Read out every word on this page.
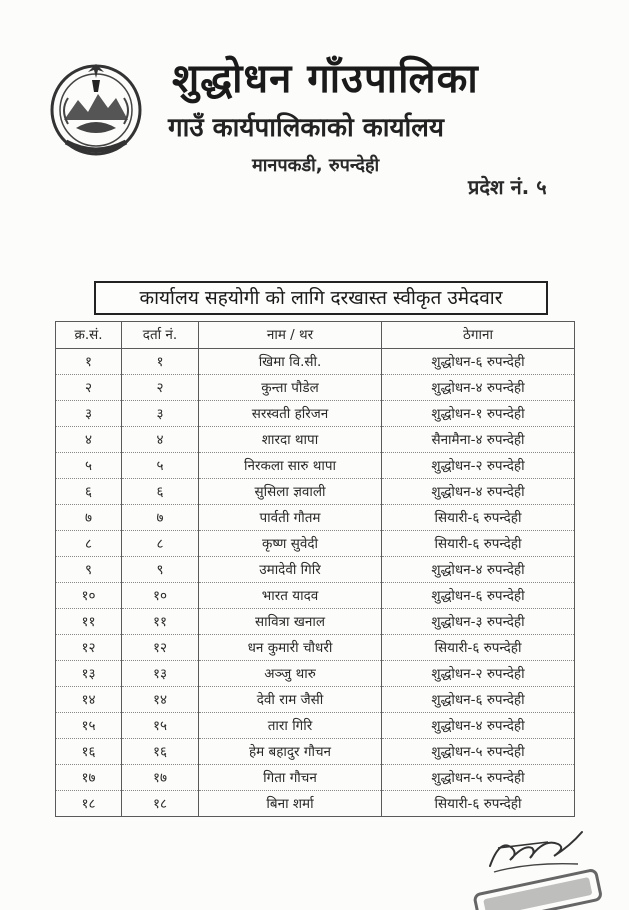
शुद्धोधन गाँउपालिका
गाउँ कार्यपालिकाको कार्यालय
मानपकडी, रुपन्देही
प्रदेश नं. ५
कार्यालय सहयोगी को लागि दरखास्त स्वीकृत उमेदवार
क्र.सं.	दर्ता नं.	नाम / थर	ठेगाना
१	१	खिमा वि.सी.	शुद्धोधन-६ रुपन्देही
२	२	कुन्ता पौडेल	शुद्धोधन-४ रुपन्देही
३	३	सरस्वती हरिजन	शुद्धोधन-१ रुपन्देही
४	४	शारदा थापा	सैनामैना-४ रुपन्देही
५	५	निरकला सारु थापा	शुद्धोधन-२ रुपन्देही
६	६	सुसिला ज्ञवाली	शुद्धोधन-४ रुपन्देही
७	७	पार्वती गौतम	सियारी-६ रुपन्देही
८	८	कृष्ण सुवेदी	सियारी-६ रुपन्देही
९	९	उमादेवी गिरि	शुद्धोधन-४ रुपन्देही
१०	१०	भारत यादव	शुद्धोधन-६ रुपन्देही
११	११	सावित्रा खनाल	शुद्धोधन-३ रुपन्देही
१२	१२	धन कुमारी चौधरी	सियारी-६ रुपन्देही
१३	१३	अञ्जु थारु	शुद्धोधन-२ रुपन्देही
१४	१४	देवी राम जैसी	शुद्धोधन-६ रुपन्देही
१५	१५	तारा गिरि	शुद्धोधन-४ रुपन्देही
१६	१६	हेम बहादुर गौचन	शुद्धोधन-५ रुपन्देही
१७	१७	गिता गौचन	शुद्धोधन-५ रुपन्देही
१८	१८	बिना शर्मा	सियारी-६ रुपन्देही
